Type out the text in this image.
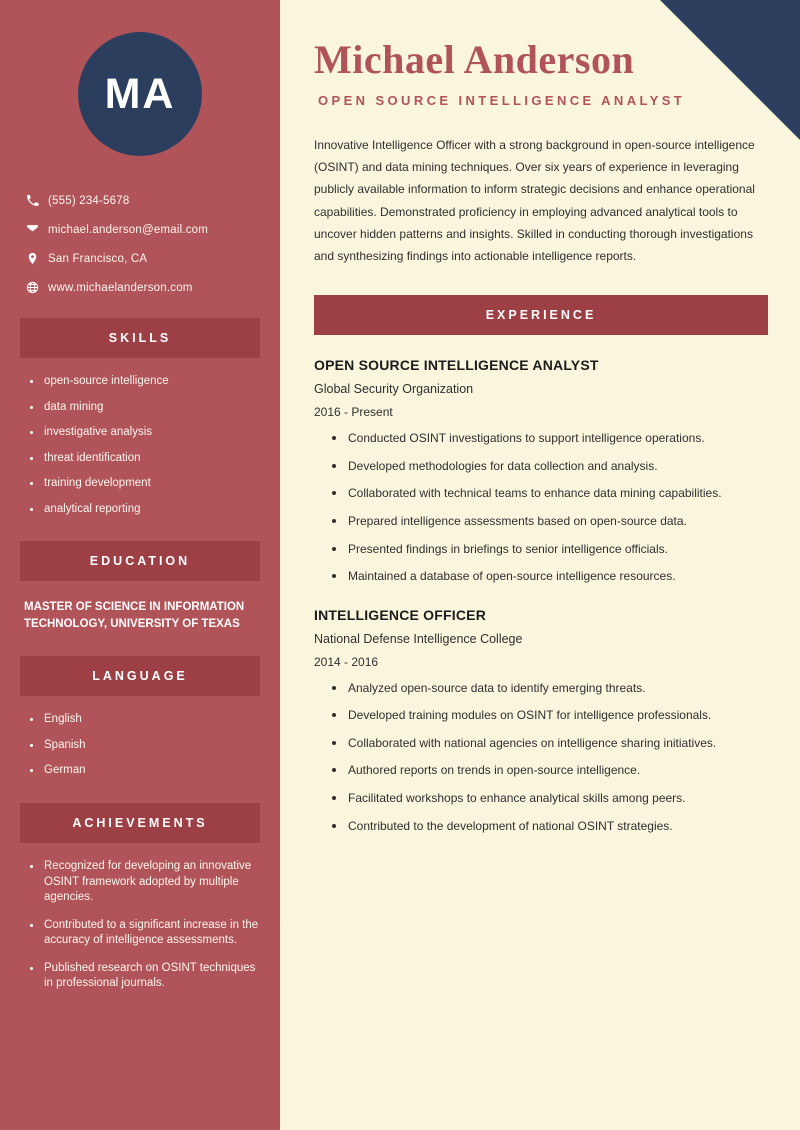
MA
(555) 234-5678
michael.anderson@email.com
San Francisco, CA
www.michaelanderson.com
SKILLS
open-source intelligence
data mining
investigative analysis
threat identification
training development
analytical reporting
EDUCATION
MASTER OF SCIENCE IN INFORMATION TECHNOLOGY, UNIVERSITY OF TEXAS
LANGUAGE
English
Spanish
German
ACHIEVEMENTS
Recognized for developing an innovative OSINT framework adopted by multiple agencies.
Contributed to a significant increase in the accuracy of intelligence assessments.
Published research on OSINT techniques in professional journals.
Michael Anderson
OPEN SOURCE INTELLIGENCE ANALYST

Innovative Intelligence Officer with a strong background in open-source intelligence (OSINT) and data mining techniques. Over six years of experience in leveraging publicly available information to inform strategic decisions and enhance operational capabilities. Demonstrated proficiency in employing advanced analytical tools to uncover hidden patterns and insights. Skilled in conducting thorough investigations and synthesizing findings into actionable intelligence reports.

EXPERIENCE
OPEN SOURCE INTELLIGENCE ANALYST
Global Security Organization
2016 - Present
Conducted OSINT investigations to support intelligence operations.
Developed methodologies for data collection and analysis.
Collaborated with technical teams to enhance data mining capabilities.
Prepared intelligence assessments based on open-source data.
Presented findings in briefings to senior intelligence officials.
Maintained a database of open-source intelligence resources.
INTELLIGENCE OFFICER
National Defense Intelligence College
2014 - 2016
Analyzed open-source data to identify emerging threats.
Developed training modules on OSINT for intelligence professionals.
Collaborated with national agencies on intelligence sharing initiatives.
Authored reports on trends in open-source intelligence.
Facilitated workshops to enhance analytical skills among peers.
Contributed to the development of national OSINT strategies.
